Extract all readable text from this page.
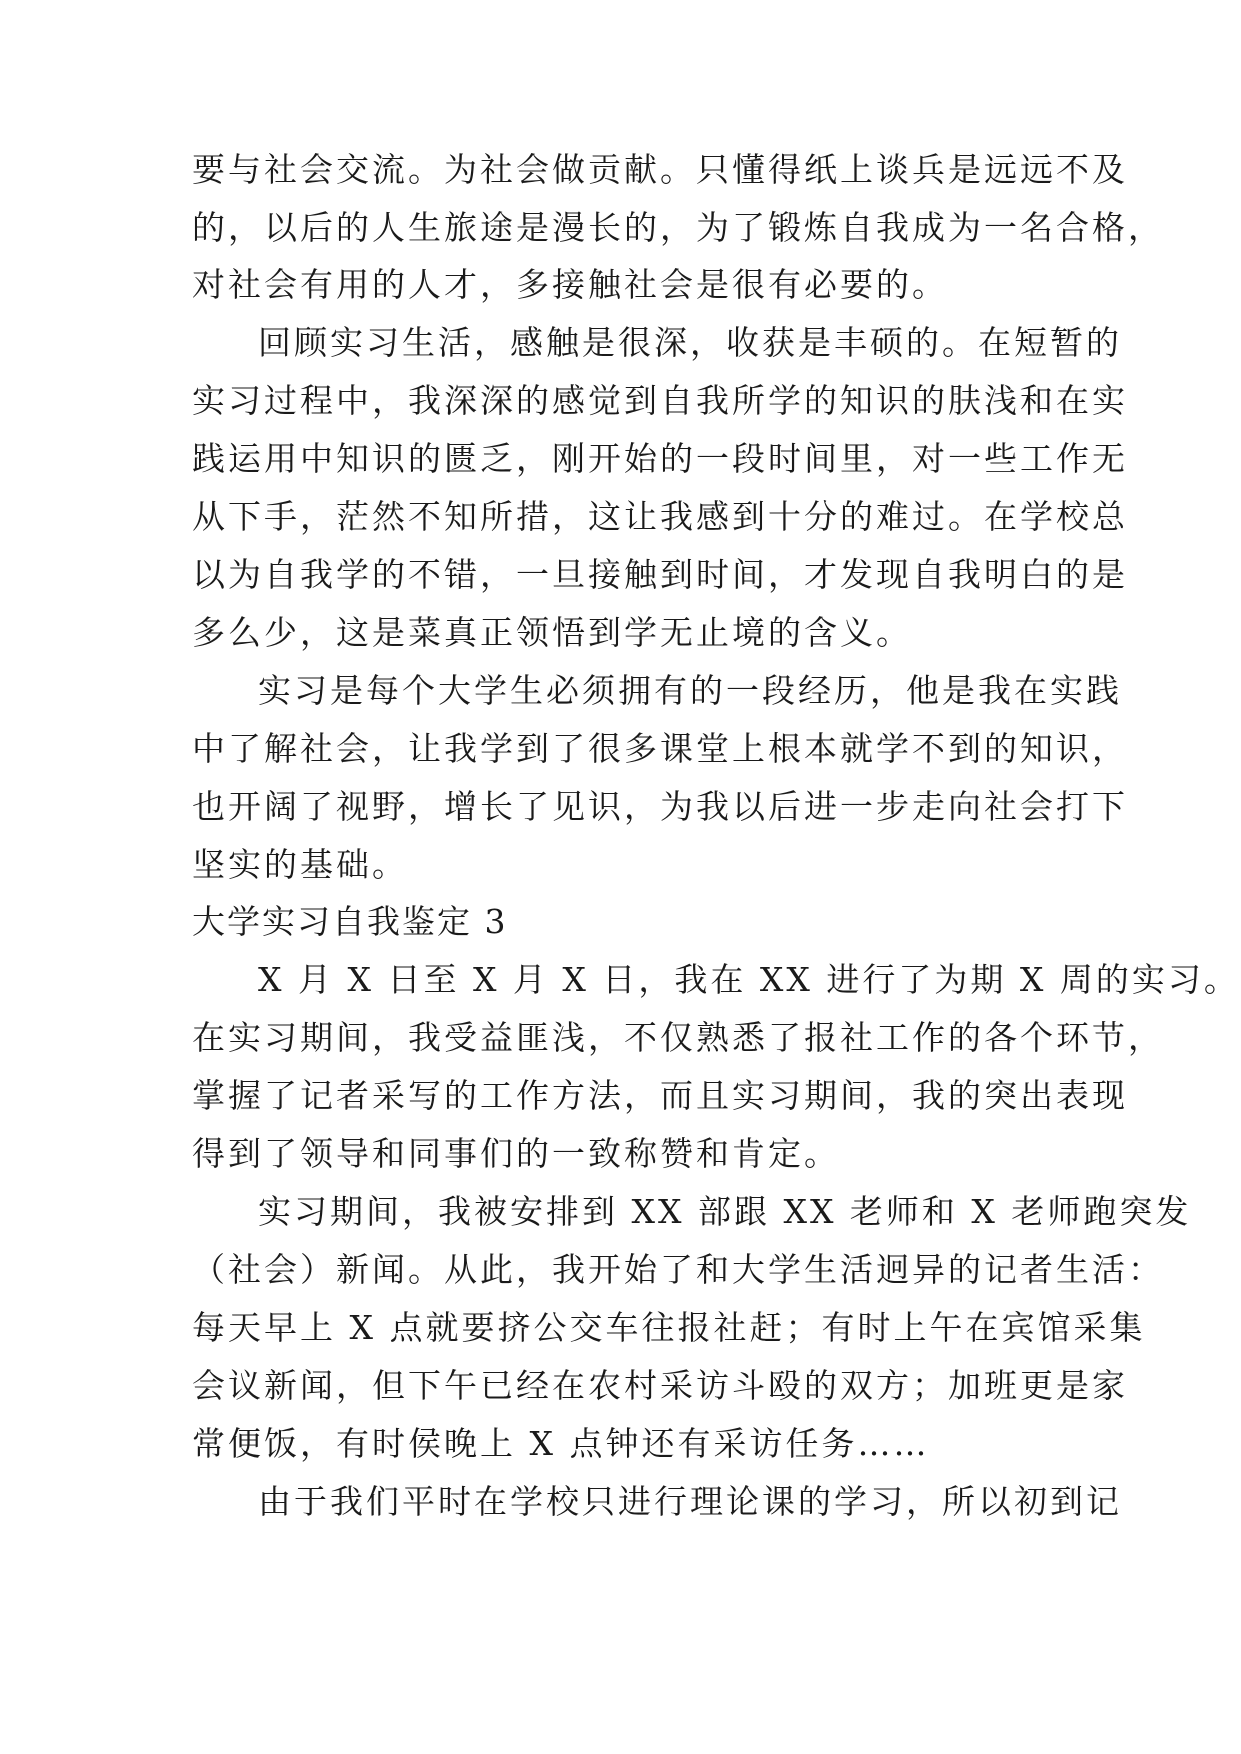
要与社会交流。为社会做贡献。只懂得纸上谈兵是远远不及
的，以后的人生旅途是漫长的，为了锻炼自我成为一名合格，
对社会有用的人才，多接触社会是很有必要的。
回顾实习生活，感触是很深，收获是丰硕的。在短暂的
实习过程中，我深深的感觉到自我所学的知识的肤浅和在实
践运用中知识的匮乏，刚开始的一段时间里，对一些工作无
从下手，茫然不知所措，这让我感到十分的难过。在学校总
以为自我学的不错，一旦接触到时间，才发现自我明白的是
多么少，这是菜真正领悟到学无止境的含义。
实习是每个大学生必须拥有的一段经历，他是我在实践
中了解社会，让我学到了很多课堂上根本就学不到的知识，
也开阔了视野，增长了见识，为我以后进一步走向社会打下
坚实的基础。
大学实习自我鉴定 3
X 月 X 日至 X 月 X 日，我在 XX 进行了为期 X 周的实习。
在实习期间，我受益匪浅，不仅熟悉了报社工作的各个环节，
掌握了记者采写的工作方法，而且实习期间，我的突出表现
得到了领导和同事们的一致称赞和肯定。
实习期间，我被安排到 XX 部跟 XX 老师和 X 老师跑突发
（社会）新闻。从此，我开始了和大学生活迥异的记者生活：
每天早上 X 点就要挤公交车往报社赶；有时上午在宾馆采集
会议新闻，但下午已经在农村采访斗殴的双方；加班更是家
常便饭，有时侯晚上 X 点钟还有采访任务……
由于我们平时在学校只进行理论课的学习，所以初到记
